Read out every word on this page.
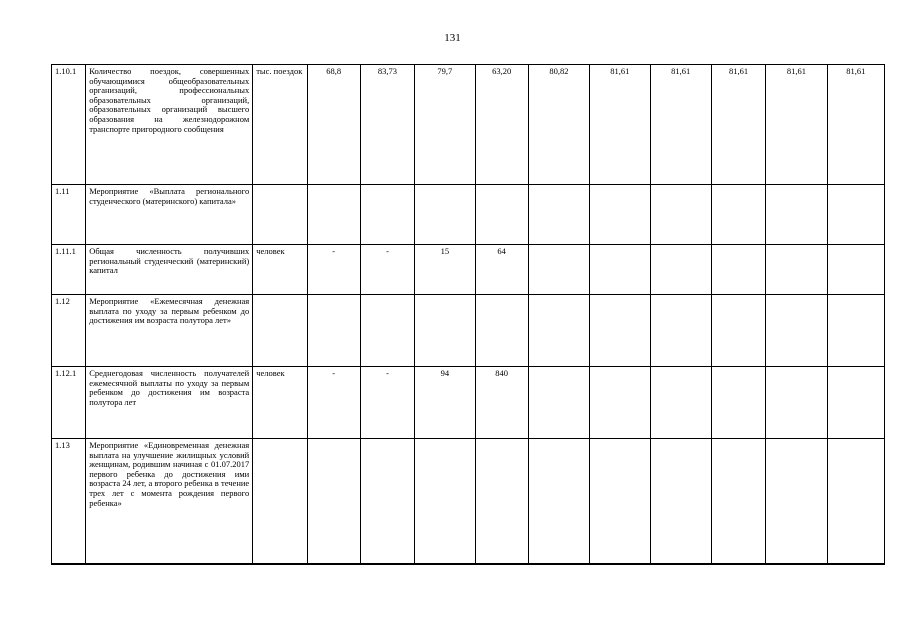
131
1.10.1	Количество поездок, совершенных обучающимися общеобразовательных организаций, профессиональных образовательных организаций, образовательных организаций высшего образования на железнодорожном транспорте пригородного сообщения	тыс. поездок	68,8	83,73	79,7	63,20	80,82	81,61	81,61	81,61	81,61	81,61
1.11	Мероприятие «Выплата регионального студенческого (материнского) капитала»											
1.11.1	Общая численность получивших региональный студенческий (материнский) капитал	человек	-	-	15	64						
1.12	Мероприятие «Ежемесячная денежная выплата по уходу за первым ребенком до достижения им возраста полутора лет»											
1.12.1	Среднегодовая численность получателей ежемесячной выплаты по уходу за первым ребенком до достижения им возраста полутора лет	человек	-	-	94	840						
1.13	Мероприятие «Единовременная денежная выплата на улучшение жилищных условий женщинам, родившим начиная с 01.07.2017 первого ребенка до достижения ими возраста 24 лет, а второго ребенка в течение трех лет с момента рождения первого ребенка»											
